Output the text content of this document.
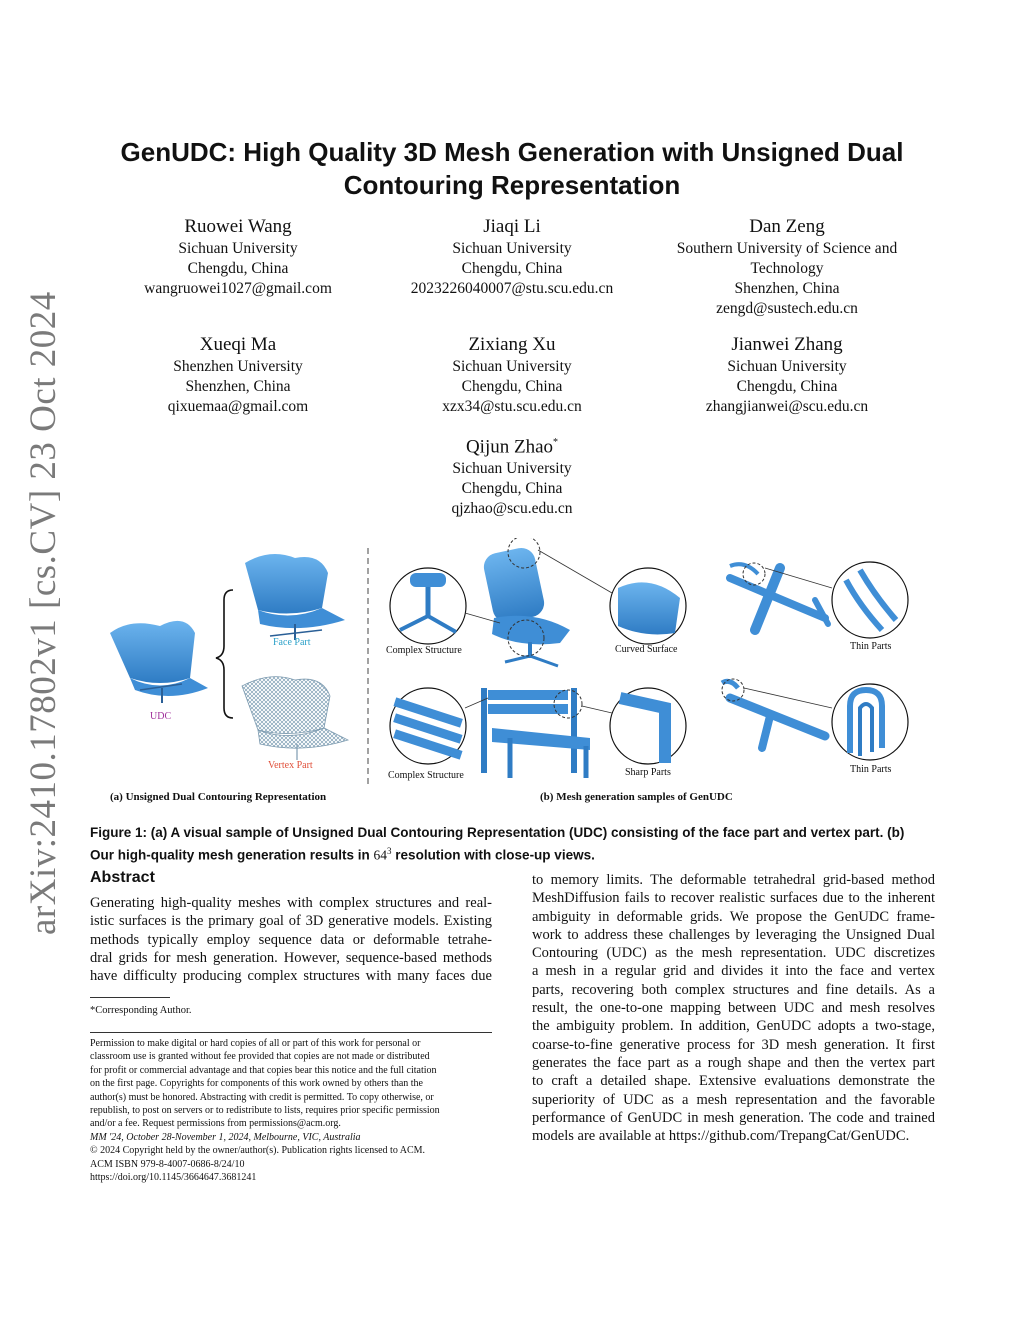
arXiv:2410.17802v1 [cs.CV] 23 Oct 2024
GenUDC: High Quality 3D Mesh Generation with Unsigned Dual
Contouring Representation
Ruowei Wang
Sichuan University
Chengdu, China
wangruowei1027@gmail.com
Jiaqi Li
Sichuan University
Chengdu, China
2023226040007@stu.scu.edu.cn
Dan Zeng
Southern University of Science and
Technology
Shenzhen, China
zengd@sustech.edu.cn
Xueqi Ma
Shenzhen University
Shenzhen, China
qixuemaa@gmail.com
Zixiang Xu
Sichuan University
Chengdu, China
xzx34@stu.scu.edu.cn
Jianwei Zhang
Sichuan University
Chengdu, China
zhangjianwei@scu.edu.cn
Qijun Zhao*
Sichuan University
Chengdu, China
qjzhao@scu.edu.cn
Face Part
UDC
Vertex Part
Complex Structure	Curved Surface	Thin Parts
Complex Structure	Sharp Parts	Thin Parts
(a) Unsigned Dual Contouring Representation	(b) Mesh generation samples of GenUDC
Figure 1: (a) A visual sample of Unsigned Dual Contouring Representation (UDC) consisting of the face part and vertex part. (b)
Our high-quality mesh generation results in $64^3$ resolution with close-up views.
Abstract
Generating high-quality meshes with complex structures and real-
istic surfaces is the primary goal of 3D generative models. Existing
methods typically employ sequence data or deformable tetrahe-
dral grids for mesh generation. However, sequence-based methods
have difficulty producing complex structures with many faces due
to memory limits. The deformable tetrahedral grid-based method
MeshDiffusion fails to recover realistic surfaces due to the inherent
ambiguity in deformable grids. We propose the GenUDC frame-
work to address these challenges by leveraging the Unsigned Dual
Contouring (UDC) as the mesh representation. UDC discretizes
a mesh in a regular grid and divides it into the face and vertex
parts, recovering both complex structures and fine details. As a
result, the one-to-one mapping between UDC and mesh resolves
the ambiguity problem. In addition, GenUDC adopts a two-stage,
coarse-to-fine generative process for 3D mesh generation. It first
generates the face part as a rough shape and then the vertex part
to craft a detailed shape. Extensive evaluations demonstrate the
superiority of UDC as a mesh representation and the favorable
performance of GenUDC in mesh generation. The code and trained
models are available at https://github.com/TrepangCat/GenUDC.
*Corresponding Author.
Permission to make digital or hard copies of all or part of this work for personal or
classroom use is granted without fee provided that copies are not made or distributed
for profit or commercial advantage and that copies bear this notice and the full citation
on the first page. Copyrights for components of this work owned by others than the
author(s) must be honored. Abstracting with credit is permitted. To copy otherwise, or
republish, to post on servers or to redistribute to lists, requires prior specific permission
and/or a fee. Request permissions from permissions@acm.org.
MM '24, October 28-November 1, 2024, Melbourne, VIC, Australia
© 2024 Copyright held by the owner/author(s). Publication rights licensed to ACM.
ACM ISBN 979-8-4007-0686-8/24/10
https://doi.org/10.1145/3664647.3681241
